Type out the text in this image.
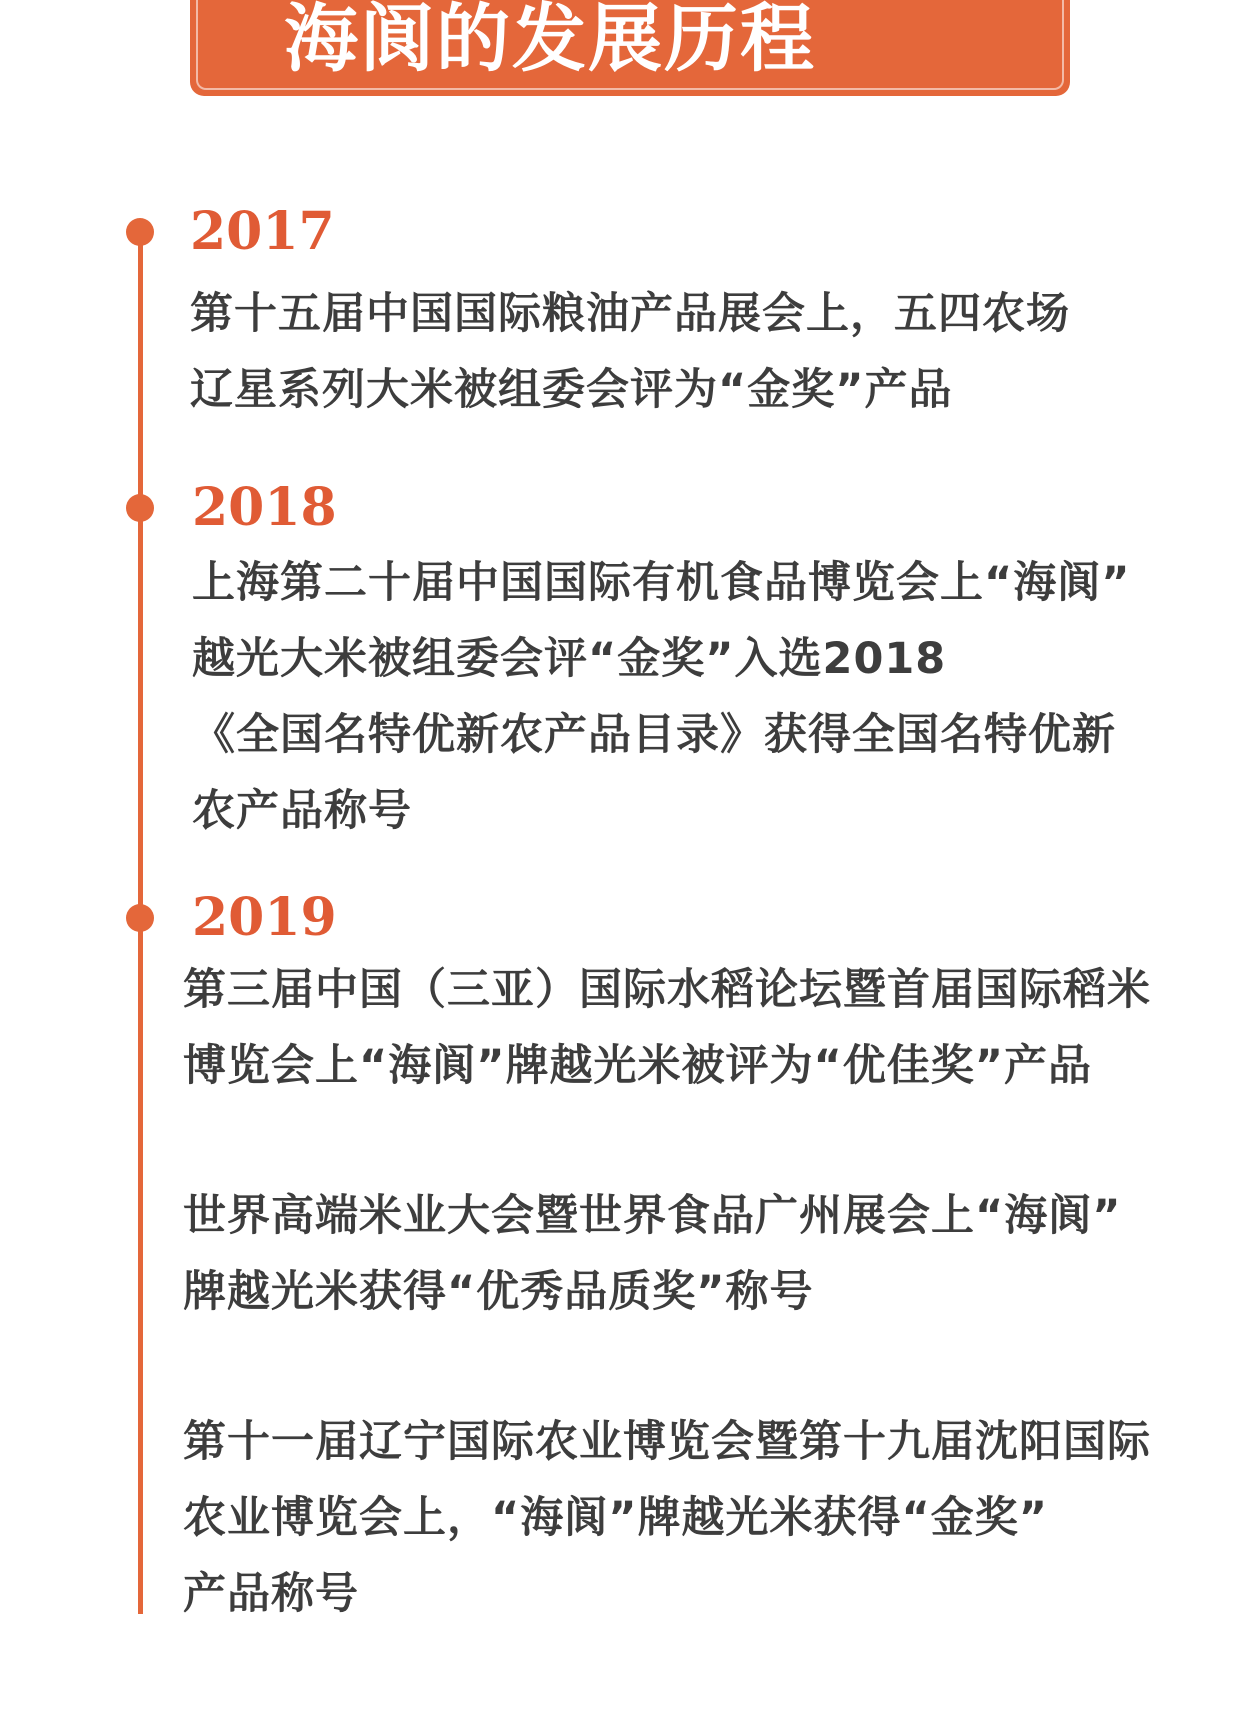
海阆的发展历程
2017
第十五届中国国际粮油产品展会上，五四农场
辽星系列大米被组委会评为“金奖”产品
2018
上海第二十届中国国际有机食品博览会上“海阆”
越光大米被组委会评“金奖”入选2018
《全国名特优新农产品目录》获得全国名特优新
农产品称号
2019
第三届中国（三亚）国际水稻论坛暨首届国际稻米
博览会上“海阆”牌越光米被评为“优佳奖”产品
世界高端米业大会暨世界食品广州展会上“海阆”
牌越光米获得“优秀品质奖”称号
第十一届辽宁国际农业博览会暨第十九届沈阳国际
农业博览会上，“海阆”牌越光米获得“金奖”
产品称号
